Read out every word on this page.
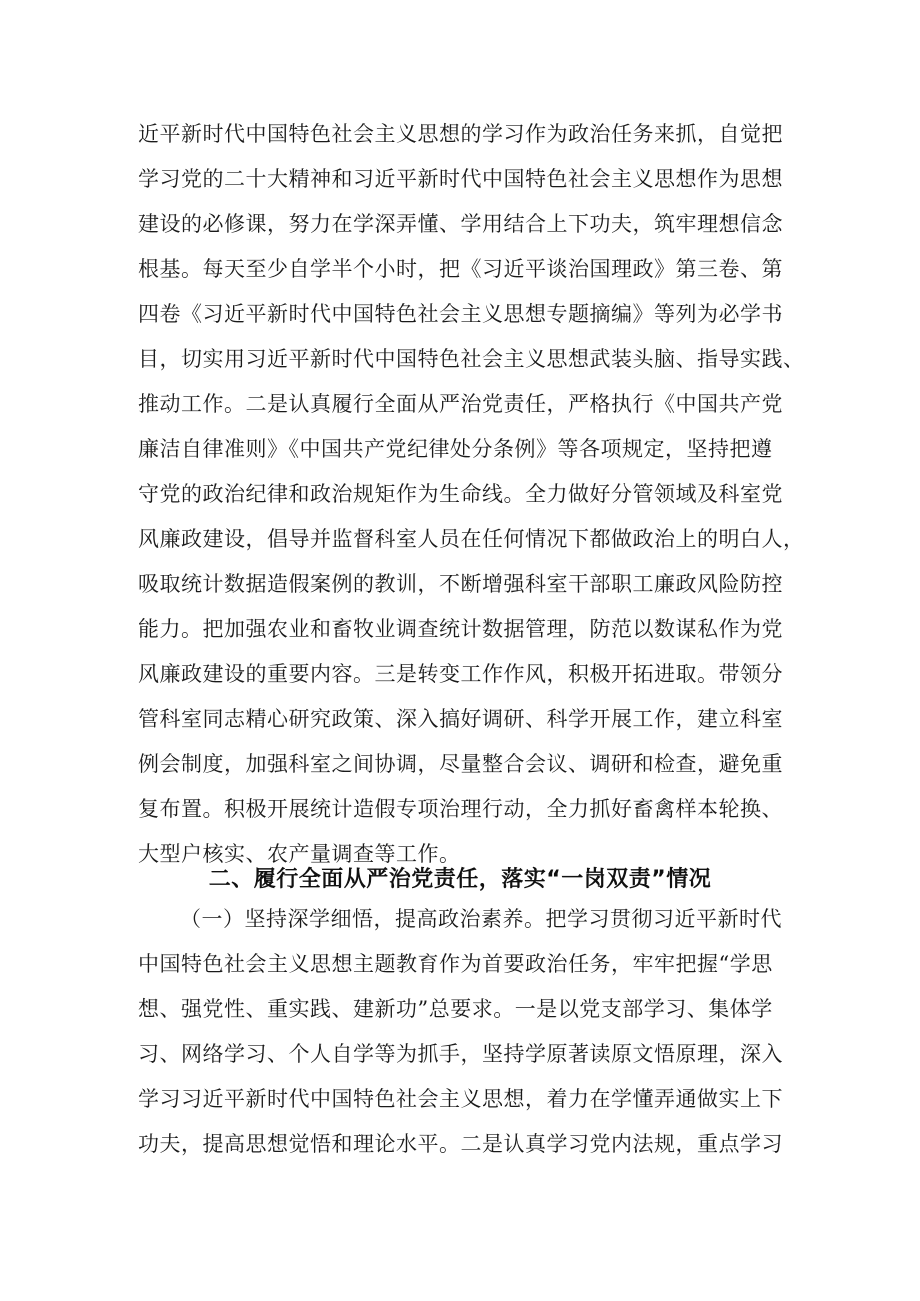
近平新时代中国特色社会主义思想的学习作为政治任务来抓，自觉把
学习党的二十大精神和习近平新时代中国特色社会主义思想作为思想
建设的必修课，努力在学深弄懂、学用结合上下功夫，筑牢理想信念
根基。每天至少自学半个小时，把《习近平谈治国理政》第三卷、第
四卷《习近平新时代中国特色社会主义思想专题摘编》等列为必学书
目，切实用习近平新时代中国特色社会主义思想武装头脑、指导实践、
推动工作。二是认真履行全面从严治党责任，严格执行《中国共产党
廉洁自律准则》《中国共产党纪律处分条例》等各项规定，坚持把遵
守党的政治纪律和政治规矩作为生命线。全力做好分管领域及科室党
风廉政建设，倡导并监督科室人员在任何情况下都做政治上的明白人，
吸取统计数据造假案例的教训，不断增强科室干部职工廉政风险防控
能力。把加强农业和畜牧业调查统计数据管理，防范以数谋私作为党
风廉政建设的重要内容。三是转变工作作风，积极开拓进取。带领分
管科室同志精心研究政策、深入搞好调研、科学开展工作，建立科室
例会制度，加强科室之间协调，尽量整合会议、调研和检查，避免重
复布置。积极开展统计造假专项治理行动，全力抓好畜禽样本轮换、
大型户核实、农产量调查等工作。
二、履行全面从严治党责任，落实“一岗双责”情况
（一）坚持深学细悟，提高政治素养。把学习贯彻习近平新时代
中国特色社会主义思想主题教育作为首要政治任务，牢牢把握“学思
想、强党性、重实践、建新功”总要求。一是以党支部学习、集体学
习、网络学习、个人自学等为抓手，坚持学原著读原文悟原理，深入
学习习近平新时代中国特色社会主义思想，着力在学懂弄通做实上下
功夫，提高思想觉悟和理论水平。二是认真学习党内法规，重点学习
